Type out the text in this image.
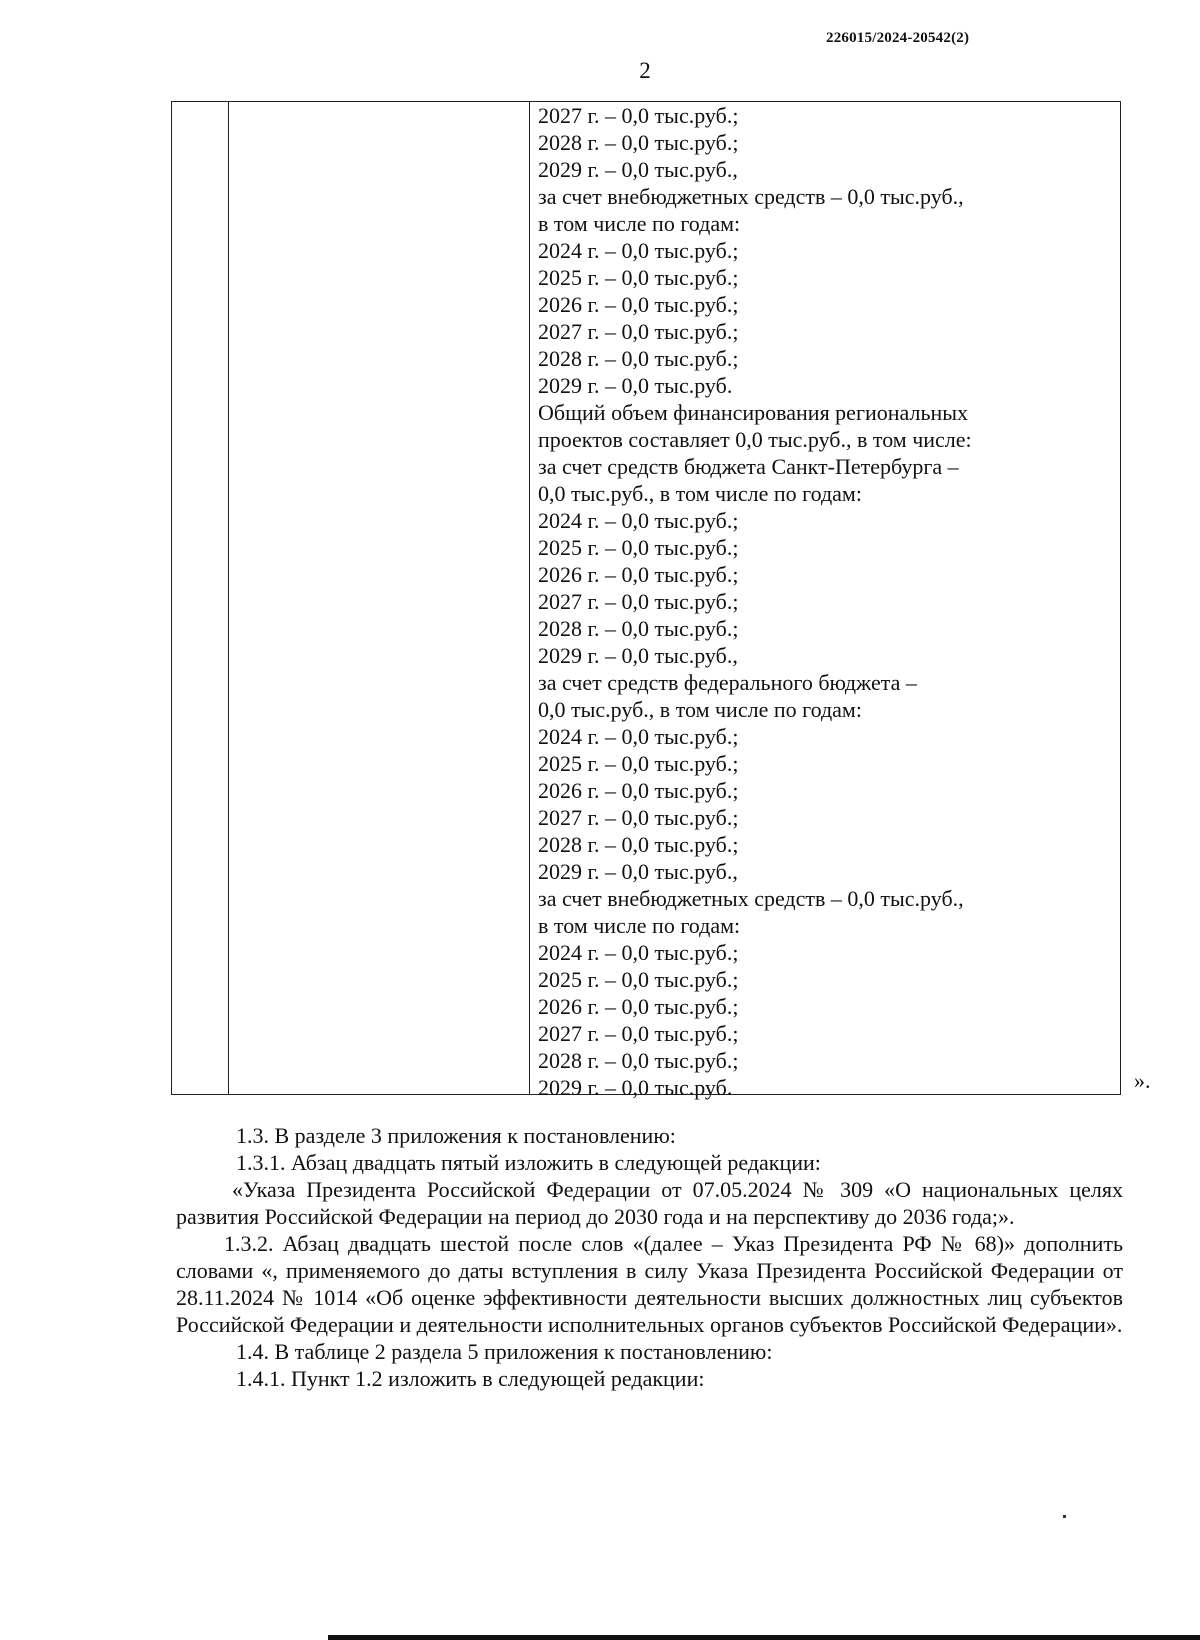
226015/2024-20542(2)
2
2027 г. – 0,0 тыс.руб.;
2028 г. – 0,0 тыс.руб.;
2029 г. – 0,0 тыс.руб.,
за счет внебюджетных средств – 0,0 тыс.руб.,
в том числе по годам:
2024 г. – 0,0 тыс.руб.;
2025 г. – 0,0 тыс.руб.;
2026 г. – 0,0 тыс.руб.;
2027 г. – 0,0 тыс.руб.;
2028 г. – 0,0 тыс.руб.;
2029 г. – 0,0 тыс.руб.
Общий объем финансирования региональных
проектов составляет 0,0 тыс.руб., в том числе:
за счет средств бюджета Санкт-Петербурга –
0,0 тыс.руб., в том числе по годам:
2024 г. – 0,0 тыс.руб.;
2025 г. – 0,0 тыс.руб.;
2026 г. – 0,0 тыс.руб.;
2027 г. – 0,0 тыс.руб.;
2028 г. – 0,0 тыс.руб.;
2029 г. – 0,0 тыс.руб.,
за счет средств федерального бюджета –
0,0 тыс.руб., в том числе по годам:
2024 г. – 0,0 тыс.руб.;
2025 г. – 0,0 тыс.руб.;
2026 г. – 0,0 тыс.руб.;
2027 г. – 0,0 тыс.руб.;
2028 г. – 0,0 тыс.руб.;
2029 г. – 0,0 тыс.руб.,
за счет внебюджетных средств – 0,0 тыс.руб.,
в том числе по годам:
2024 г. – 0,0 тыс.руб.;
2025 г. – 0,0 тыс.руб.;
2026 г. – 0,0 тыс.руб.;
2027 г. – 0,0 тыс.руб.;
2028 г. – 0,0 тыс.руб.;
2029 г. – 0,0 тыс.руб.	».

1.3. В разделе 3 приложения к постановлению:

1.3.1. Абзац двадцать пятый изложить в следующей редакции:

«Указа Президента Российской Федерации от 07.05.2024 № 309 «О национальных целях развития Российской Федерации на период до 2030 года и на перспективу до 2036 года;».

1.3.2. Абзац двадцать шестой после слов «(далее – Указ Президента РФ № 68)» дополнить словами «, применяемого до даты вступления в силу Указа Президента Российской Федерации от 28.11.2024 № 1014 «Об оценке эффективности деятельности высших должностных лиц субъектов Российской Федерации и деятельности исполнительных органов субъектов Российской Федерации».

1.4. В таблице 2 раздела 5 приложения к постановлению:

1.4.1. Пункт 1.2 изложить в следующей редакции:
